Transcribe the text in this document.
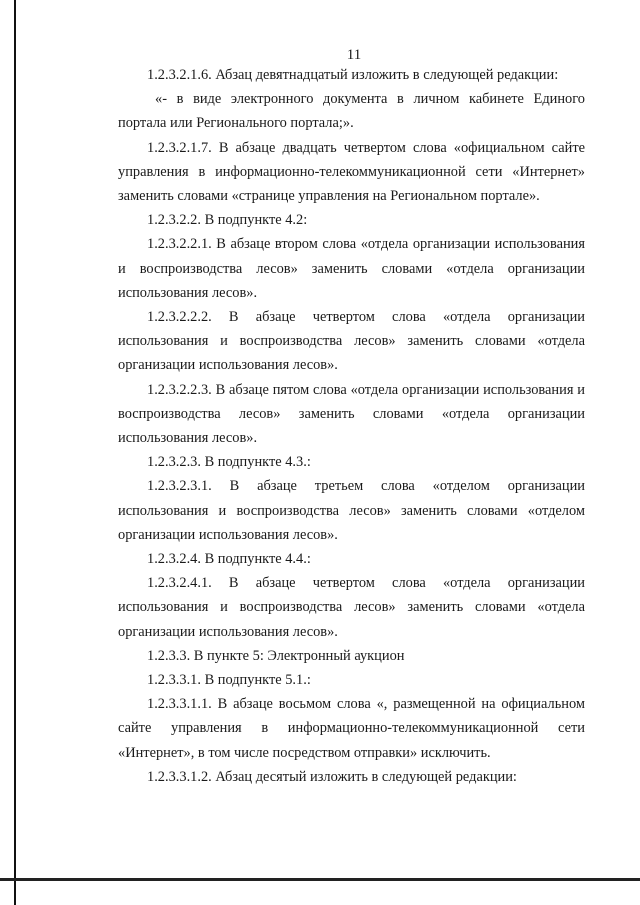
11

1.2.3.2.1.6. Абзац девятнадцатый изложить в следующей редакции:

«- в виде электронного документа в личном кабинете Единого портала или Регионального портала;».

1.2.3.2.1.7. В абзаце двадцать четвертом слова «официальном сайте управления в информационно-телекоммуникационной сети «Интернет» заменить словами «странице управления на Региональном портале».

1.2.3.2.2. В подпункте 4.2:

1.2.3.2.2.1. В абзаце втором слова «отдела организации использования и воспроизводства лесов» заменить словами «отдела организации использования лесов».

1.2.3.2.2.2. В абзаце четвертом слова «отдела организации использования и воспроизводства лесов» заменить словами «отдела организации использования лесов».

1.2.3.2.2.3. В абзаце пятом слова «отдела организации использования и воспроизводства лесов» заменить словами «отдела организации использования лесов».

1.2.3.2.3. В подпункте 4.3.:

1.2.3.2.3.1. В абзаце третьем слова «отделом организации использования и воспроизводства лесов» заменить словами «отделом организации использования лесов».

1.2.3.2.4. В подпункте 4.4.:

1.2.3.2.4.1. В абзаце четвертом слова «отдела организации использования и воспроизводства лесов» заменить словами «отдела организации использования лесов».

1.2.3.3. В пункте 5: Электронный аукцион

1.2.3.3.1. В подпункте 5.1.:

1.2.3.3.1.1. В абзаце восьмом слова «, размещенной на официальном сайте управления в информационно-телекоммуникационной сети «Интернет», в том числе посредством отправки» исключить.

1.2.3.3.1.2. Абзац десятый изложить в следующей редакции:
